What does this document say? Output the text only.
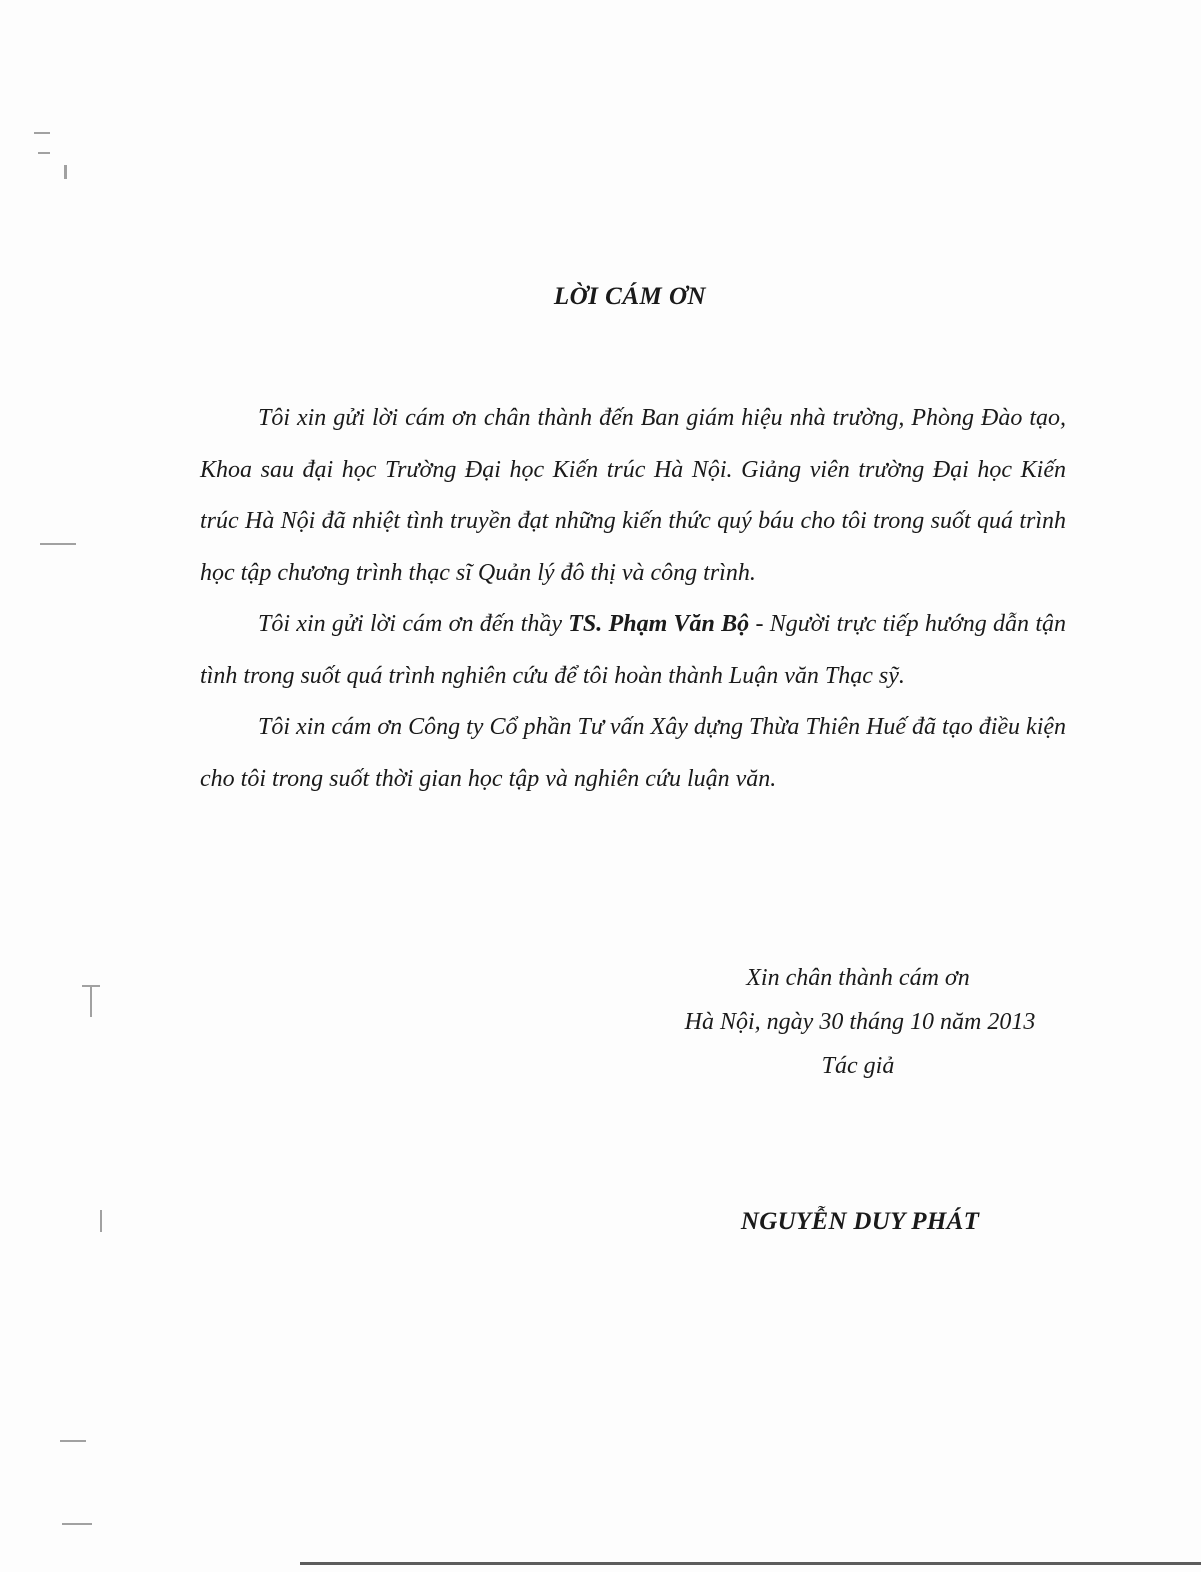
LỜI CÁM ƠN

Tôi xin gửi lời cám ơn chân thành đến Ban giám hiệu nhà trường, Phòng Đào tạo, Khoa sau đại học Trường Đại học Kiến trúc Hà Nội. Giảng viên trường Đại học Kiến trúc Hà Nội đã nhiệt tình truyền đạt những kiến thức quý báu cho tôi trong suốt quá trình học tập chương trình thạc sĩ Quản lý đô thị và công trình.

Tôi xin gửi lời cám ơn đến thầy TS. Phạm Văn Bộ - Người trực tiếp hướng dẫn tận tình trong suốt quá trình nghiên cứu để tôi hoàn thành Luận văn Thạc sỹ.

Tôi xin cám ơn Công ty Cổ phần Tư vấn Xây dựng Thừa Thiên Huế đã tạo điều kiện cho tôi trong suốt thời gian học tập và nghiên cứu luận văn.

Xin chân thành cám ơn
Hà Nội, ngày 30 tháng 10 năm 2013
Tác giả
NGUYỄN DUY PHÁT
